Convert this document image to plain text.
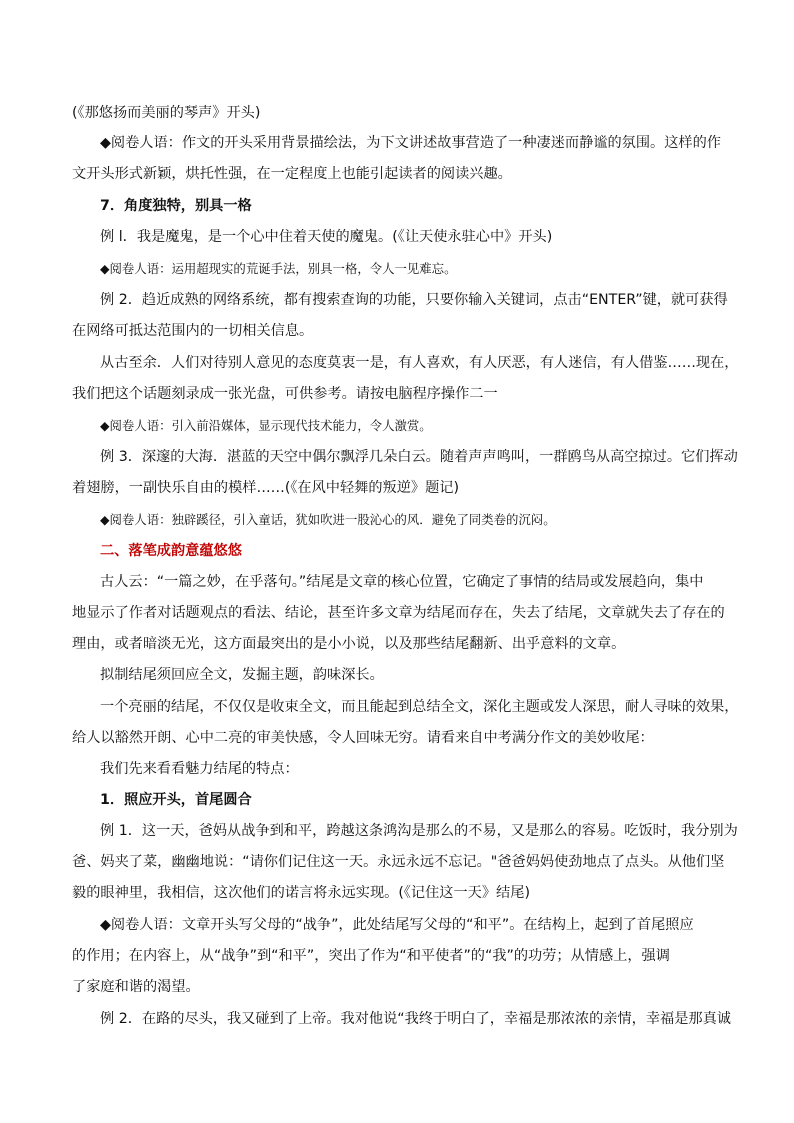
(《那悠扬而美丽的琴声》开头)
◆阅卷人语：作文的开头采用背景描绘法，为下文讲述故事营造了一种凄迷而静谧的氛围。这样的作
文开头形式新颖，烘托性强，在一定程度上也能引起读者的阅读兴趣。
7．角度独特，别具一格
例 l．我是魔鬼，是一个心中住着天使的魔鬼。(《让天使永驻心中》开头)
◆阅卷人语：运用超现实的荒诞手法，别具一格，令人一见难忘。
例 2．趋近成熟的网络系统，都有搜索查询的功能，只要你输入关键词，点击“ENTER”键，就可获得
在网络可抵达范围内的一切相关信息。
从古至余．人们对待别人意见的态度莫衷一是，有人喜欢，有人厌恶，有人迷信，有人借鉴……现在，
我们把这个话题刻录成一张光盘，可供参考。请按电脑程序操作二一
◆阅卷人语：引入前沿媒体，显示现代技术能力，令人激赏。
例 3．深邃的大海．湛蓝的天空中偶尔飘浮几朵白云。随着声声鸣叫，一群鸥鸟从高空掠过。它们挥动
着翅膀，一副快乐自由的模样……(《在风中轻舞的叛逆》题记)
◆阅卷人语：独辟蹊径，引入童话，犹如吹进一股沁心的风．避免了同类卷的沉闷。
二、落笔成韵意蕴悠悠
古人云：“一篇之妙，在乎落句。”结尾是文章的核心位置，它确定了事情的结局或发展趋向，集中
地显示了作者对话题观点的看法、结论，甚至许多文章为结尾而存在，失去了结尾，文章就失去了存在的
理由，或者暗淡无光，这方面最突出的是小小说，以及那些结尾翻新、出乎意料的文章。
拟制结尾须回应全文，发掘主题，韵味深长。
一个亮丽的结尾，不仅仅是收束全文，而且能起到总结全文，深化主题或发人深思，耐人寻味的效果，
给人以豁然开朗、心中二亮的审美快感，令人回味无穷。请看来自中考满分作文的美妙收尾：
我们先来看看魅力结尾的特点：
1．照应开头，首尾圆合
例 1．这一天，爸妈从战争到和平，跨越这条鸿沟是那么的不易，又是那么的容易。吃饭时，我分别为
爸、妈夹了菜，幽幽地说：“请你们记住这一天。永远永远不忘记。"爸爸妈妈使劲地点了点头。从他们坚
毅的眼神里，我相信，这次他们的诺言将永远实现。(《记住这一天》结尾)
◆阅卷人语：文章开头写父母的“战争”，此处结尾写父母的“和平”。在结构上，起到了首尾照应
的作用；在内容上，从“战争”到“和平”，突出了作为“和平使者”的“我”的功劳；从情感上，强调
了家庭和谐的渴望。
例 2．在路的尽头，我又碰到了上帝。我对他说“我终于明白了，幸福是那浓浓的亲情，幸福是那真诚
